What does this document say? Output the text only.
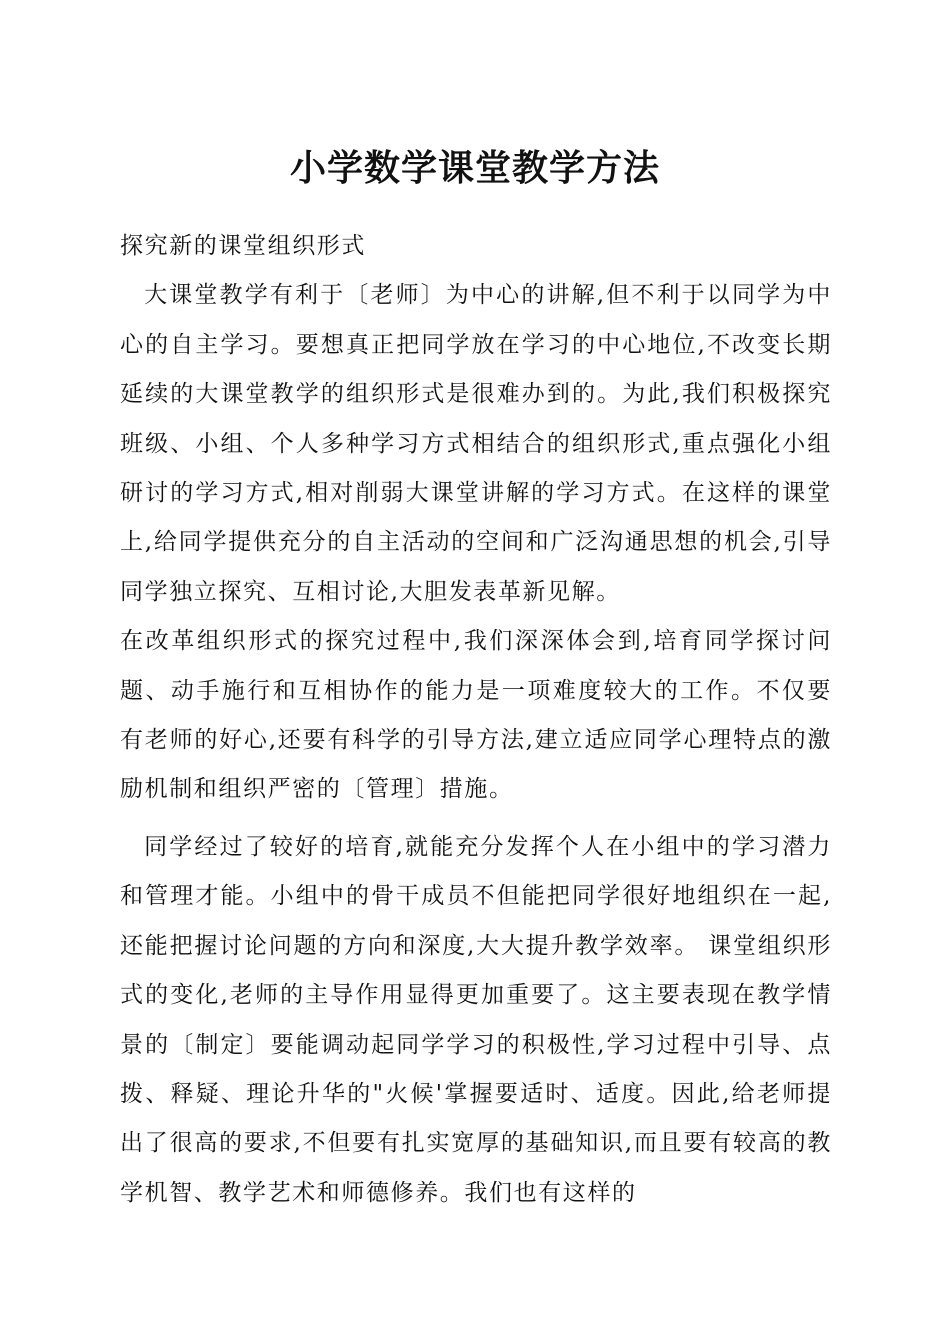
小学数学课堂教学方法
探究新的课堂组织形式

大课堂教学有利于〔老师〕为中心的讲解,但不利于以同学为中心的自主学习。要想真正把同学放在学习的中心地位,不改变长期延续的大课堂教学的组织形式是很难办到的。为此,我们积极探究班级、小组、个人多种学习方式相结合的组织形式,重点强化小组研讨的学习方式,相对削弱大课堂讲解的学习方式。在这样的课堂上,给同学提供充分的自主活动的空间和广泛沟通思想的机会,引导同学独立探究、互相讨论,大胆发表革新见解。

在改革组织形式的探究过程中,我们深深体会到,培育同学探讨问题、动手施行和互相协作的能力是一项难度较大的工作。不仅要有老师的好心,还要有科学的引导方法,建立适应同学心理特点的激励机制和组织严密的〔管理〕措施。

同学经过了较好的培育,就能充分发挥个人在小组中的学习潜力和管理才能。小组中的骨干成员不但能把同学很好地组织在一起,还能把握讨论问题的方向和深度,大大提升教学效率。 课堂组织形式的变化,老师的主导作用显得更加重要了。这主要表现在教学情景的〔制定〕要能调动起同学学习的积极性,学习过程中引导、点拨、释疑、理论升华的"火候'掌握要适时、适度。因此,给老师提出了很高的要求,不但要有扎实宽厚的基础知识,而且要有较高的教学机智、教学艺术和师德修养。我们也有这样的
